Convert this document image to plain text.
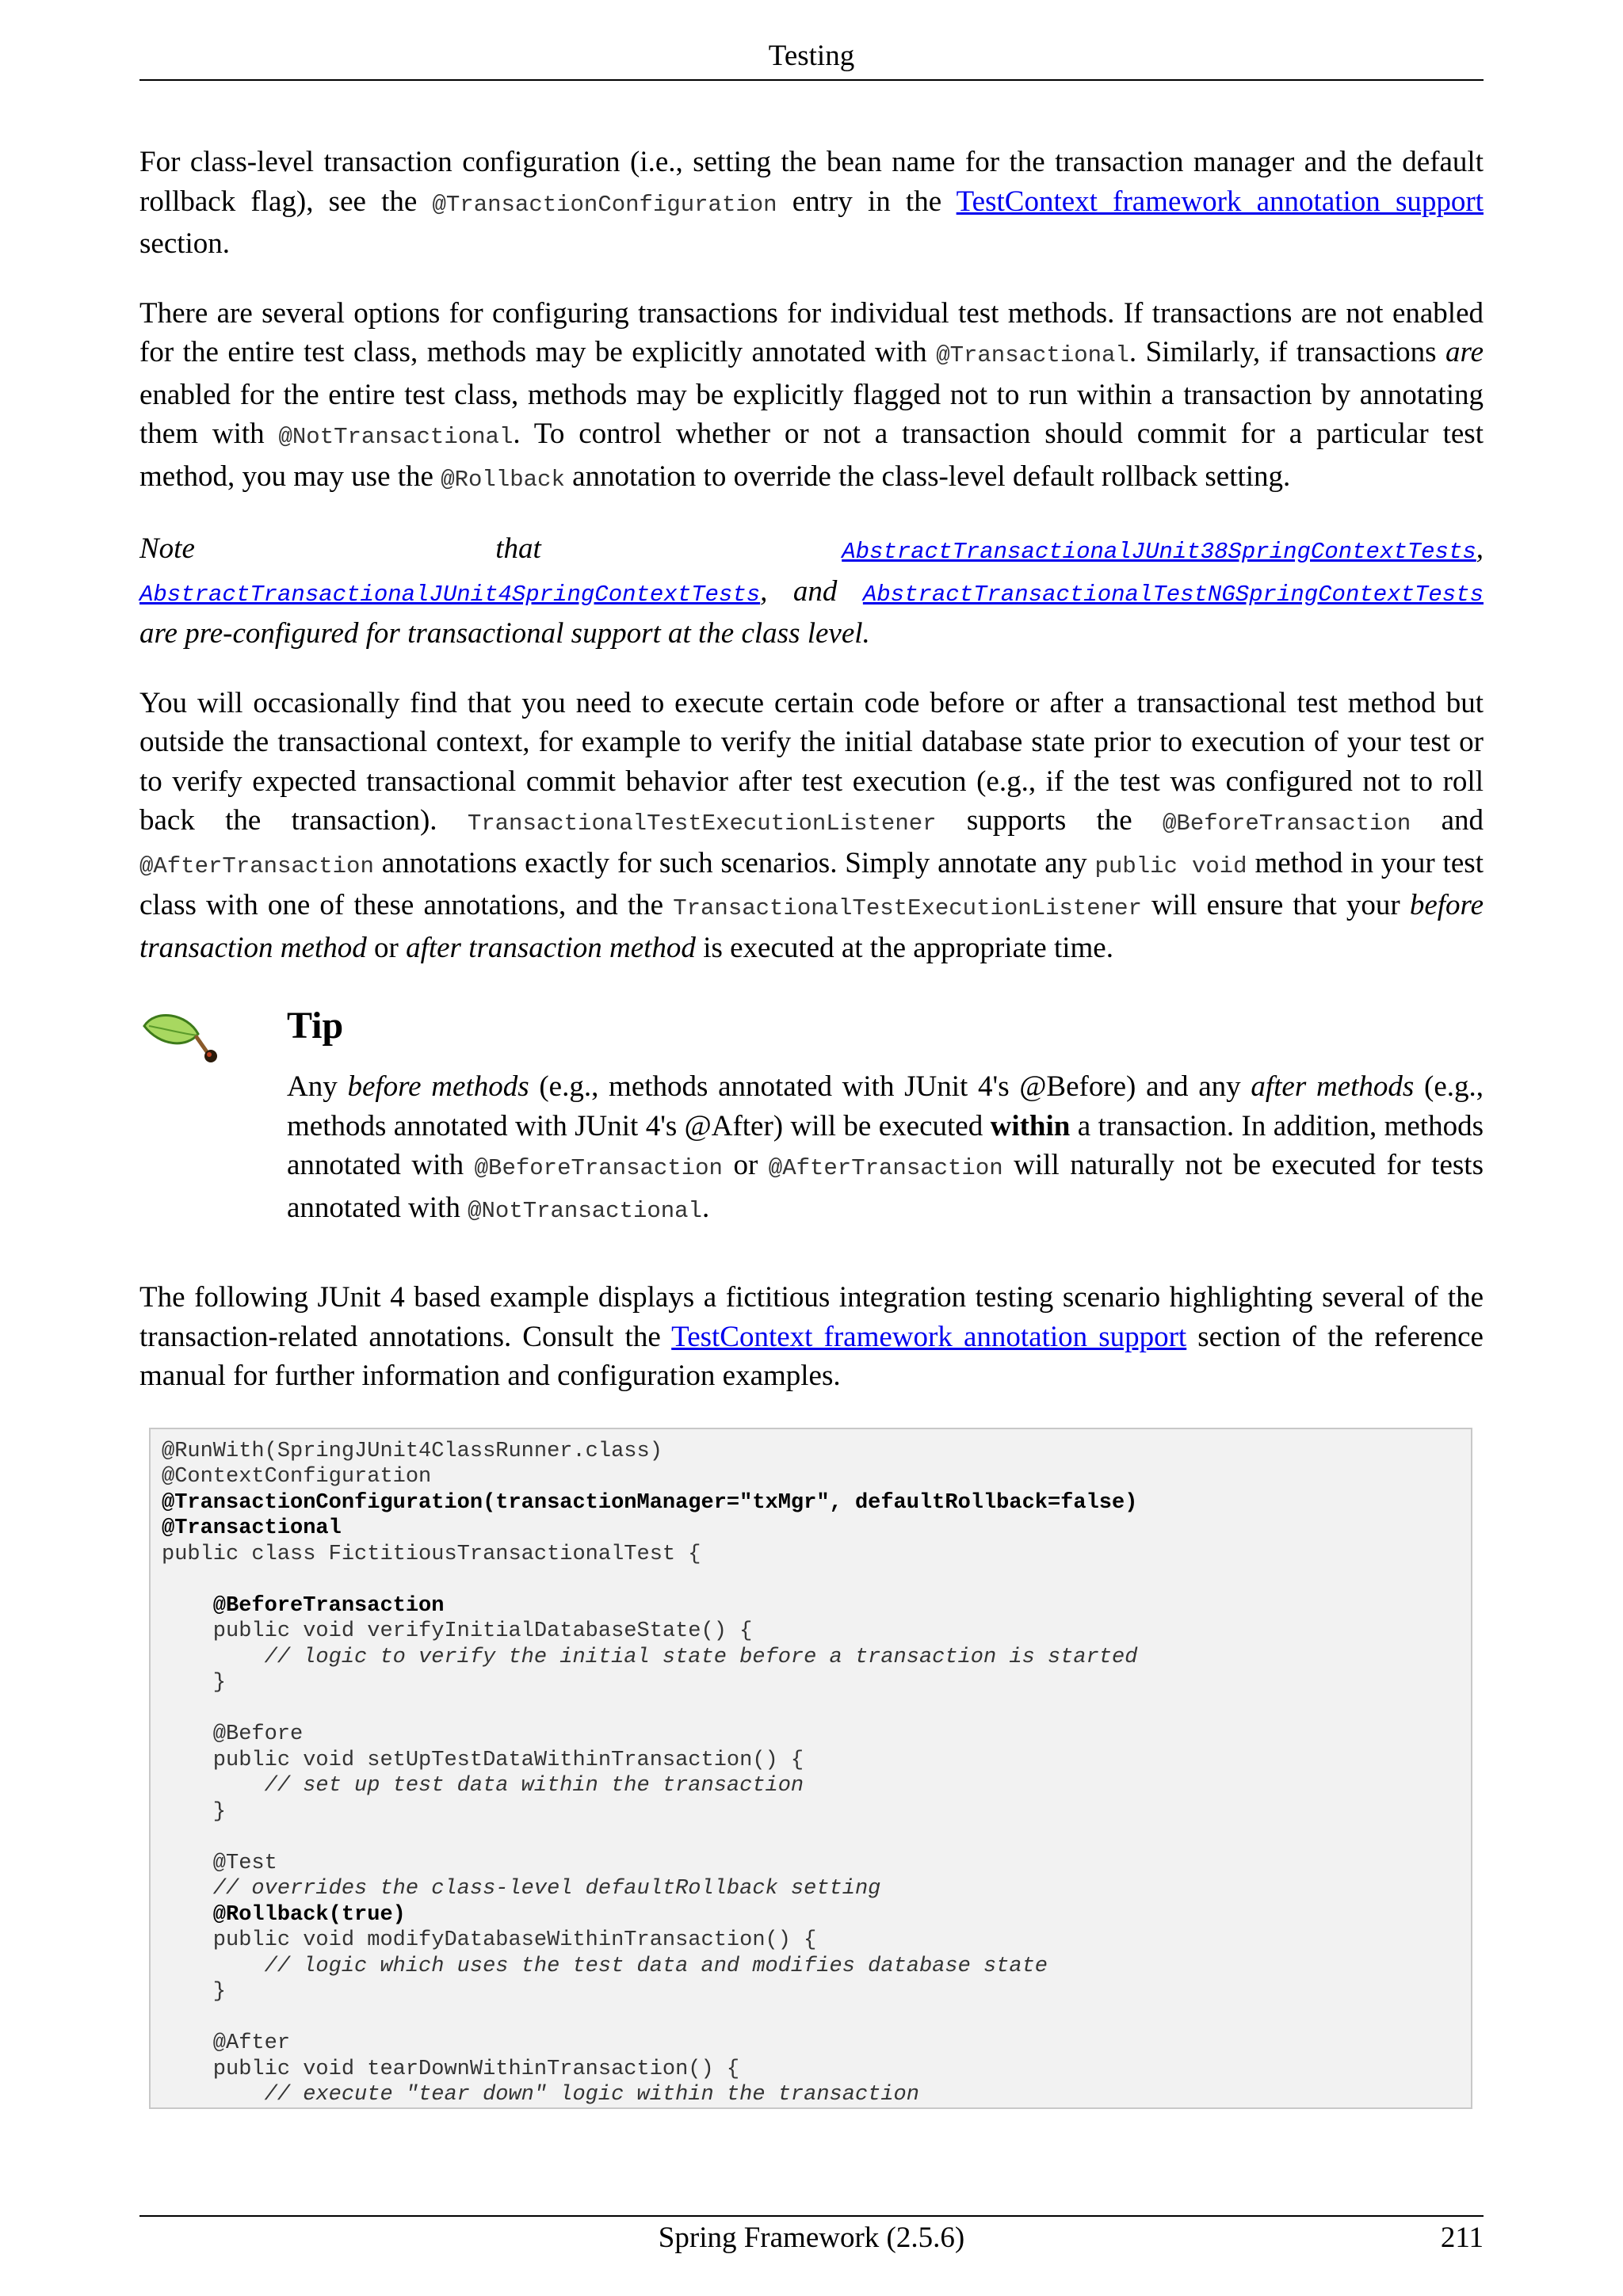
Testing

For class-level transaction configuration (i.e., setting the bean name for the transaction manager and the default rollback flag), see the @TransactionConfiguration entry in the TestContext framework annotation support section.

There are several options for configuring transactions for individual test methods. If transactions are not enabled for the entire test class, methods may be explicitly annotated with @Transactional. Similarly, if transactions are enabled for the entire test class, methods may be explicitly flagged not to run within a transaction by annotating them with @NotTransactional. To control whether or not a transaction should commit for a particular test method, you may use the @Rollback annotation to override the class-level default rollback setting.

Note that AbstractTransactionalJUnit38SpringContextTests, AbstractTransactionalJUnit4SpringContextTests, and AbstractTransactionalTestNGSpringContextTests are pre-configured for transactional support at the class level.

You will occasionally find that you need to execute certain code before or after a transactional test method but outside the transactional context, for example to verify the initial database state prior to execution of your test or to verify expected transactional commit behavior after test execution (e.g., if the test was configured not to roll back the transaction). TransactionalTestExecutionListener supports the @BeforeTransaction and @AfterTransaction annotations exactly for such scenarios. Simply annotate any public void method in your test class with one of these annotations, and the TransactionalTestExecutionListener will ensure that your before transaction method or after transaction method is executed at the appropriate time.

Tip

Any before methods (e.g., methods annotated with JUnit 4's @Before) and any after methods (e.g., methods annotated with JUnit 4's @After) will be executed within a transaction. In addition, methods annotated with @BeforeTransaction or @AfterTransaction will naturally not be executed for tests annotated with @NotTransactional.

The following JUnit 4 based example displays a fictitious integration testing scenario highlighting several of the transaction-related annotations. Consult the TestContext framework annotation support section of the reference manual for further information and configuration examples.

@RunWith(SpringJUnit4ClassRunner.class)
@ContextConfiguration
@TransactionConfiguration(transactionManager="txMgr", defaultRollback=false)
@Transactional
public class FictitiousTransactionalTest {
@BeforeTransaction
public void verifyInitialDatabaseState() {
// logic to verify the initial state before a transaction is started
}
@Before
public void setUpTestDataWithinTransaction() {
// set up test data within the transaction
}
@Test
// overrides the class-level defaultRollback setting
@Rollback(true)
public void modifyDatabaseWithinTransaction() {
// logic which uses the test data and modifies database state
}
@After
public void tearDownWithinTransaction() {
// execute "tear down" logic within the transaction
Spring Framework (2.5.6)	211
